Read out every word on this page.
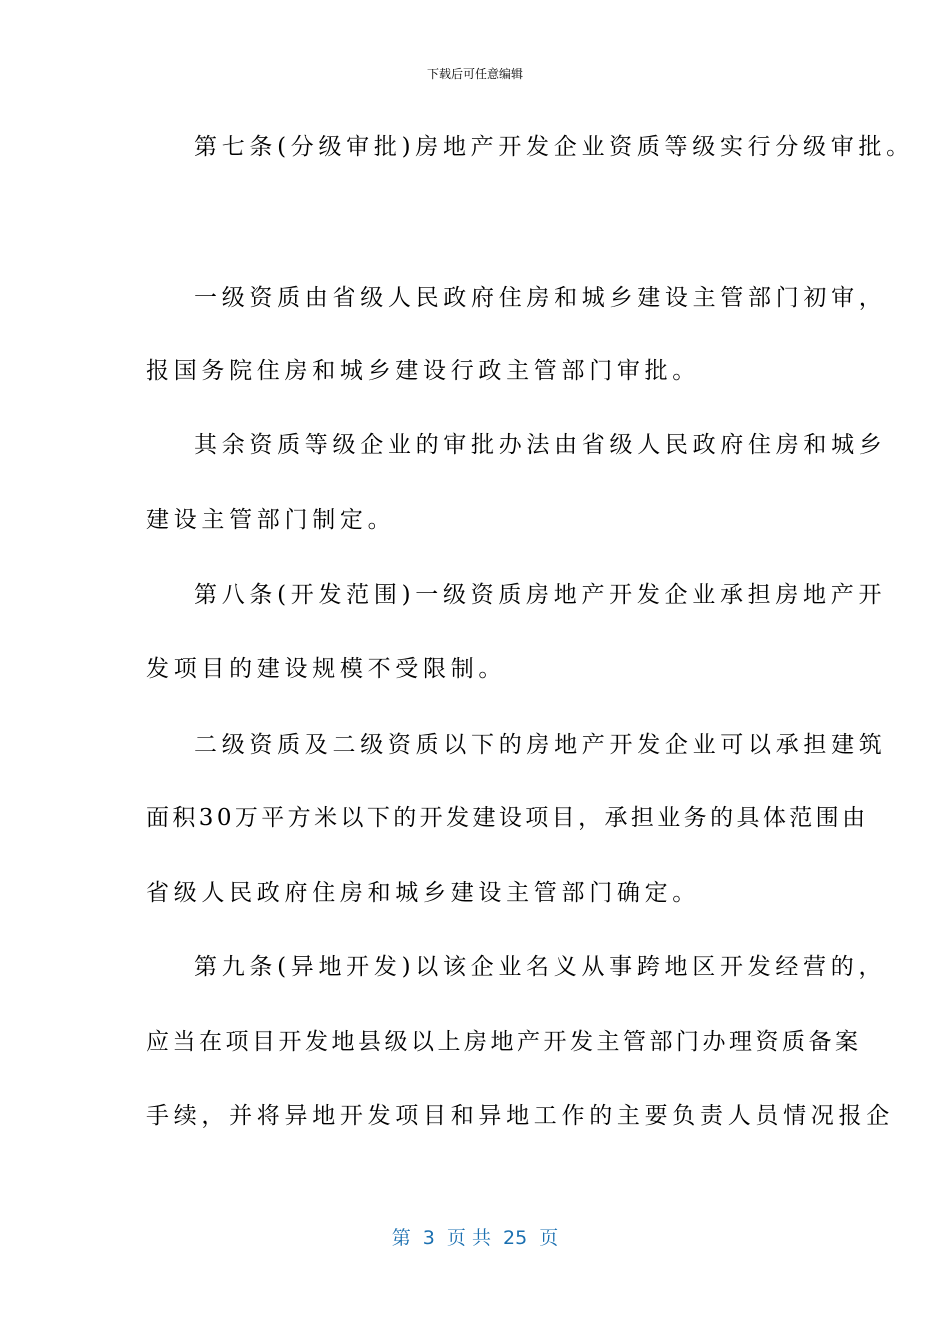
下载后可任意编辑
第七条(分级审批)房地产开发企业资质等级实行分级审批。
一级资质由省级人民政府住房和城乡建设主管部门初审，
报国务院住房和城乡建设行政主管部门审批。
其余资质等级企业的审批办法由省级人民政府住房和城乡
建设主管部门制定。
第八条(开发范围)一级资质房地产开发企业承担房地产开
发项目的建设规模不受限制。
二级资质及二级资质以下的房地产开发企业可以承担建筑
面积30万平方米以下的开发建设项目，承担业务的具体范围由
省级人民政府住房和城乡建设主管部门确定。
第九条(异地开发)以该企业名义从事跨地区开发经营的，
应当在项目开发地县级以上房地产开发主管部门办理资质备案
手续，并将异地开发项目和异地工作的主要负责人员情况报企
第  3  页 共  25  页
